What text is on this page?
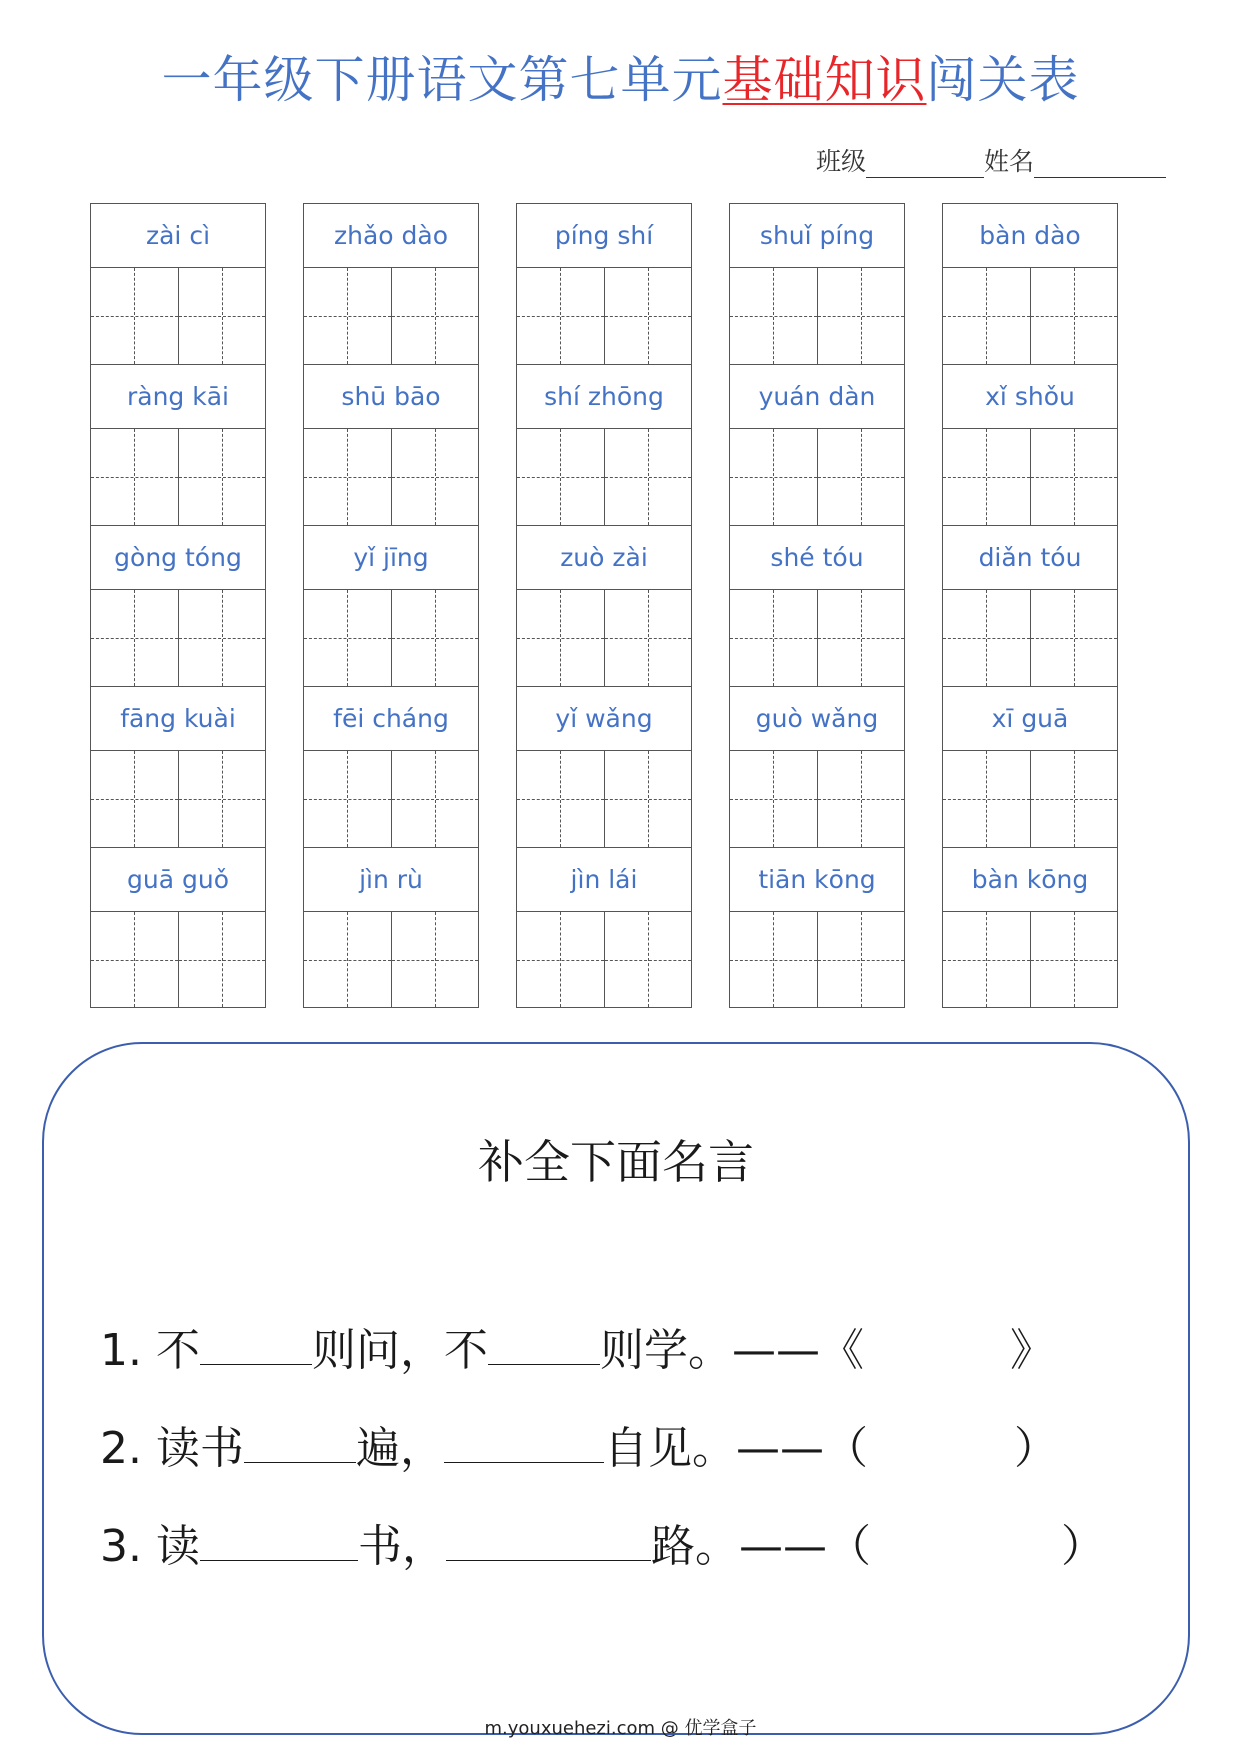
一年级下册语文第七单元基础知识闯关表
班级	姓名
zài cì
ràng kāi
gòng tóng
fāng kuài
guā guǒ
zhǎo dào
shū bāo
yǐ jīng
fēi cháng
jìn rù
píng shí
shí zhōng
zuò zài
yǐ wǎng
jìn lái
shuǐ píng
yuán dàn
shé tóu
guò wǎng
tiān kōng
bàn dào
xǐ shǒu
diǎn tóu
xī guā
bàn kōng
补全下面名言
1. 不	则问，不	则学。——《	》
2. 读书	遍，	自见。——（	）
3. 读	书，	路。——（	）
m.youxuehezi.com @ 优学盒子
